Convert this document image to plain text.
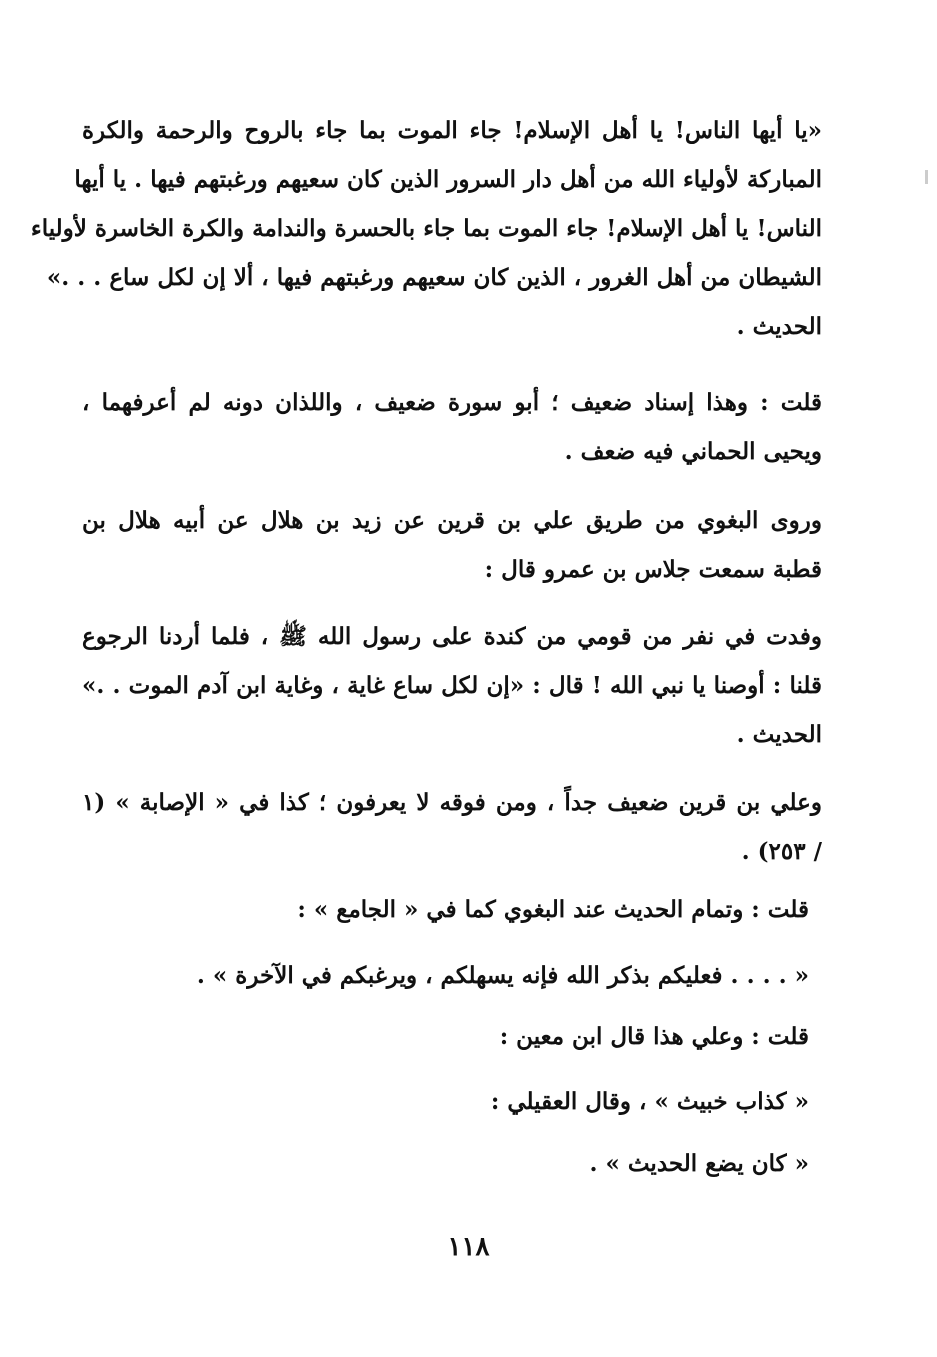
«يا أيها الناس! يا أهل الإسلام! جاء الموت بما جاء بالروح والرحمة والكرة
المباركة لأولياء الله من أهل دار السرور الذين كان سعيهم ورغبتهم فيها . يا أيها
الناس! يا أهل الإسلام! جاء الموت بما جاء بالحسرة والندامة والكرة الخاسرة لأولياء
الشيطان من أهل الغرور ، الذين كان سعيهم ورغبتهم فيها ، ألا إن لكل ساع . . .»
الحديث .
قلت : وهذا إسناد ضعيف ؛ أبو سورة ضعيف ، واللذان دونه لم أعرفهما ،
ويحيى الحماني فيه ضعف .
وروى البغوي من طريق علي بن قرين عن زيد بن هلال عن أبيه هلال بن
قطبة سمعت جلاس بن عمرو قال :
وفدت في نفر من قومي من كندة على رسول الله ﷺ ، فلما أردنا الرجوع
قلنا : أوصنا يا نبي الله ! قال : «إن لكل ساع غاية ، وغاية ابن آدم الموت . .»
الحديث .
وعلي بن قرين ضعيف جداً ، ومن فوقه لا يعرفون ؛ كذا في « الإصابة » (١
/ ٢٥٣) .
قلت : وتمام الحديث عند البغوي كما في « الجامع » :
« . . . . فعليكم بذكر الله فإنه يسهلكم ، ويرغبكم في الآخرة » .
قلت : وعلي هذا قال ابن معين :
« كذاب خبيث » ، وقال العقيلي :
« كان يضع الحديث » .
١١٨
